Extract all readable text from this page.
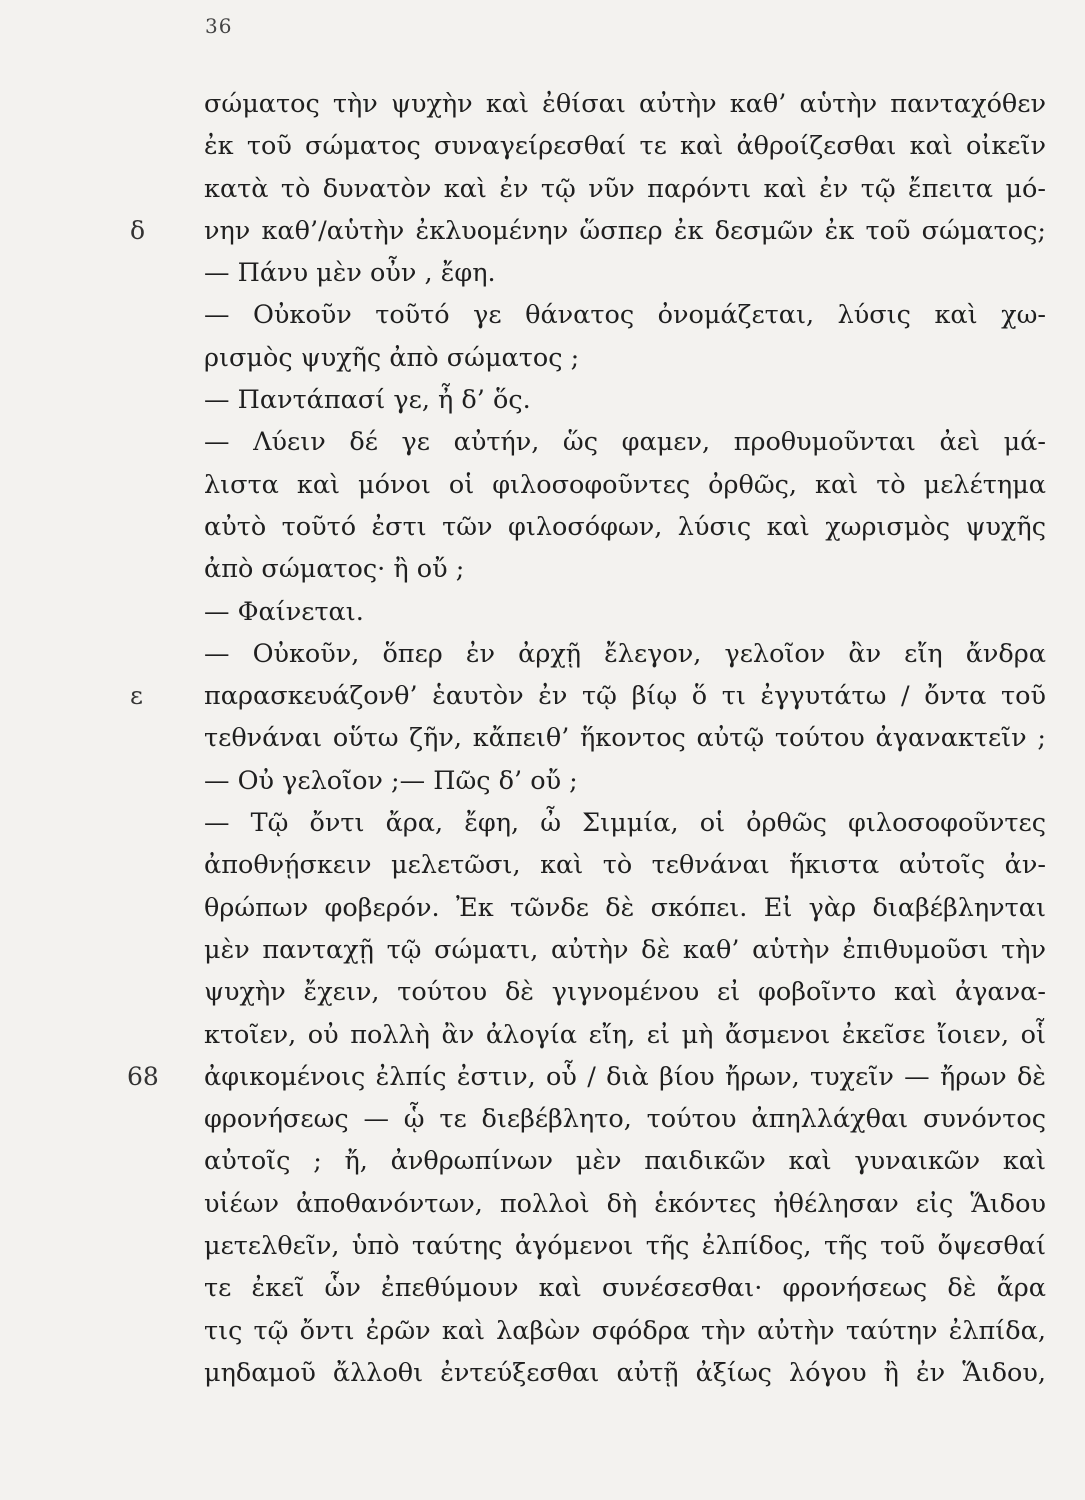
36
σώματος τὴν ψυχὴν καὶ ἐθίσαι αὐτὴν καθ’ αὑτὴν πανταχόθεν
ἐκ τοῦ σώματος συναγείρεσθαί τε καὶ ἀθροίζεσθαι καὶ οἰκεῖν
κατὰ τὸ δυνατὸν καὶ ἐν τῷ νῦν παρόντι καὶ ἐν τῷ ἔπειτα μό-
νην καθ’/αὑτὴν ἐκλυομένην ὥσπερ ἐκ δεσμῶν ἐκ τοῦ σώματος;
δ
— Πάνυ μὲν οὖν , ἔφη.
— Οὐκοῦν τοῦτό γε θάνατος ὀνομάζεται, λύσις καὶ χω-
ρισμὸς ψυχῆς ἀπὸ σώματος ;
— Παντάπασί γε, ἦ δ’ ὅς.
— Λύειν δέ γε αὐτήν, ὥς φαμεν, προθυμοῦνται ἀεὶ μά-
λιστα καὶ μόνοι οἱ φιλοσοφοῦντες ὀρθῶς, καὶ τὸ μελέτημα
αὐτὸ τοῦτό ἐστι τῶν φιλοσόφων, λύσις καὶ χωρισμὸς ψυχῆς
ἀπὸ σώματος· ἢ οὔ ;
— Φαίνεται.
— Οὐκοῦν, ὅπερ ἐν ἀρχῇ ἔλεγον, γελοῖον ἂν εἴη ἄνδρα
παρασκευάζονθ’ ἑαυτὸν ἐν τῷ βίῳ ὅ τι ἐγγυτάτω / ὄντα τοῦ
ε
τεθνάναι οὕτω ζῆν, κἄπειθ’ ἥκοντος αὐτῷ τούτου ἀγανακτεῖν ;
— Οὐ γελοῖον ;— Πῶς δ’ οὔ ;
— Τῷ ὄντι ἄρα, ἔφη, ὦ Σιμμία, οἱ ὀρθῶς φιλοσοφοῦντες
ἀποθνῄσκειν μελετῶσι, καὶ τὸ τεθνάναι ἥκιστα αὐτοῖς ἀν-
θρώπων φοβερόν. Ἐκ τῶνδε δὲ σκόπει. Εἰ γὰρ διαβέβληνται
μὲν πανταχῇ τῷ σώματι, αὐτὴν δὲ καθ’ αὑτὴν ἐπιθυμοῦσι τὴν
ψυχὴν ἔχειν, τούτου δὲ γιγνομένου εἰ φοβοῖντο καὶ ἀγανα-
κτοῖεν, οὐ πολλὴ ἂν ἀλογία εἴη, εἰ μὴ ἄσμενοι ἐκεῖσε ἴοιεν, οἷ
ἀφικομένοις ἐλπίς ἐστιν, οὗ / διὰ βίου ἤρων, τυχεῖν — ἤρων δὲ
68
φρονήσεως — ᾧ τε διεβέβλητο, τούτου ἀπηλλάχθαι συνόντος
αὐτοῖς ; ἤ, ἀνθρωπίνων μὲν παιδικῶν καὶ γυναικῶν καὶ
υἱέων ἀποθανόντων, πολλοὶ δὴ ἑκόντες ἠθέλησαν εἰς Ἅιδου
μετελθεῖν, ὑπὸ ταύτης ἀγόμενοι τῆς ἐλπίδος, τῆς τοῦ ὄψεσθαί
τε ἐκεῖ ὧν ἐπεθύμουν καὶ συνέσεσθαι· φρονήσεως δὲ ἄρα
τις τῷ ὄντι ἐρῶν καὶ λαβὼν σφόδρα τὴν αὐτὴν ταύτην ἐλπίδα,
μηδαμοῦ ἄλλοθι ἐντεύξεσθαι αὐτῇ ἀξίως λόγου ἢ ἐν Ἅιδου,
